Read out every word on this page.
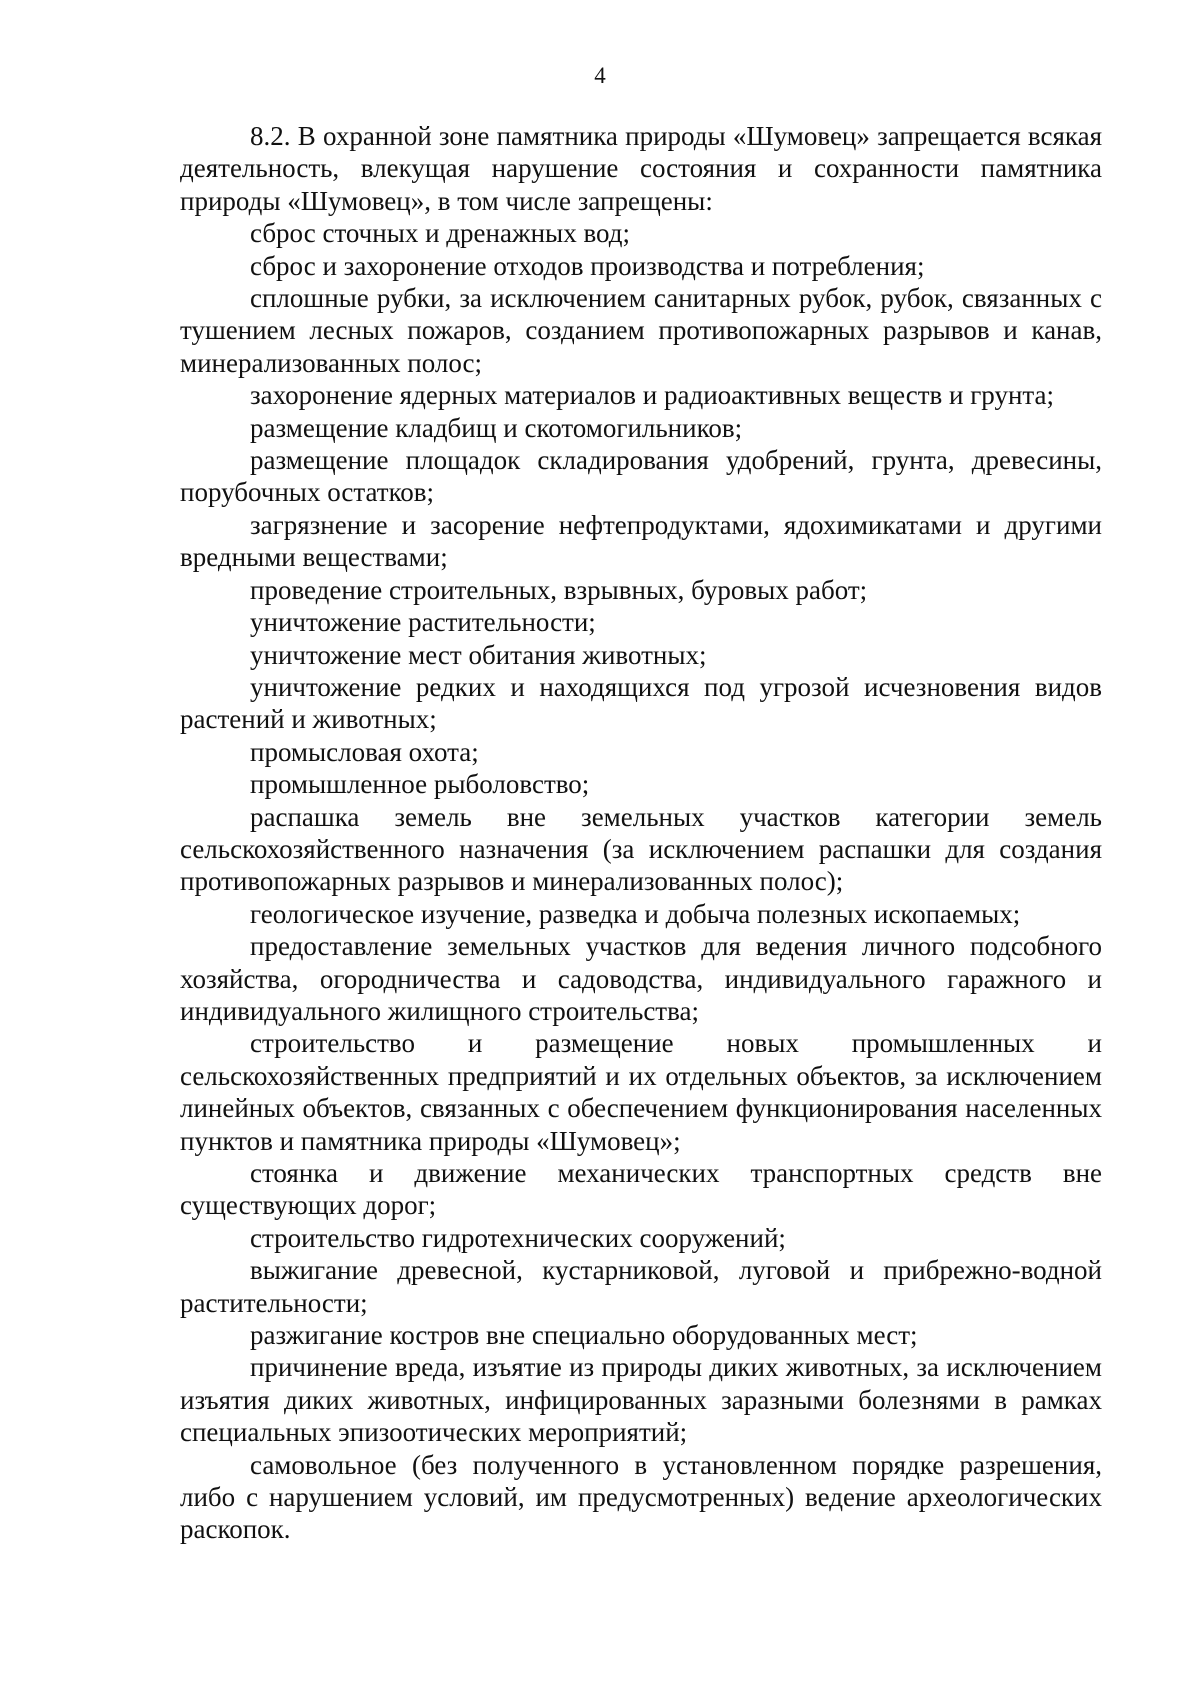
4

8.2. В охранной зоне памятника природы «Шумовец» запрещается всякая деятельность, влекущая нарушение состояния и сохранности памятника природы «Шумовец», в том числе запрещены:

сброс сточных и дренажных вод;

сброс и захоронение отходов производства и потребления;

сплошные рубки, за исключением санитарных рубок, рубок, связанных с тушением лесных пожаров, созданием противопожарных разрывов и канав, минерализованных полос;

захоронение ядерных материалов и радиоактивных веществ и грунта;

размещение кладбищ и скотомогильников;

размещение площадок складирования удобрений, грунта, древесины, порубочных остатков;

загрязнение и засорение нефтепродуктами, ядохимикатами и другими вредными веществами;

проведение строительных, взрывных, буровых работ;

уничтожение растительности;

уничтожение мест обитания животных;

уничтожение редких и находящихся под угрозой исчезновения видов растений и животных;

промысловая охота;

промышленное рыболовство;

распашка земель вне земельных участков категории земель сельскохозяйственного назначения (за исключением распашки для создания противопожарных разрывов и минерализованных полос);

геологическое изучение, разведка и добыча полезных ископаемых;

предоставление земельных участков для ведения личного подсобного хозяйства, огородничества и садоводства, индивидуального гаражного и индивидуального жилищного строительства;

строительство и размещение новых промышленных и сельскохозяйственных предприятий и их отдельных объектов, за исключением линейных объектов, связанных с обеспечением функционирования населенных пунктов и памятника природы «Шумовец»;

стоянка и движение механических транспортных средств вне существующих дорог;

строительство гидротехнических сооружений;

выжигание древесной, кустарниковой, луговой и прибрежно-водной растительности;

разжигание костров вне специально оборудованных мест;

причинение вреда, изъятие из природы диких животных, за исключением изъятия диких животных, инфицированных заразными болезнями в рамках специальных эпизоотических мероприятий;

самовольное (без полученного в установленном порядке разрешения, либо с нарушением условий, им предусмотренных) ведение археологических раскопок.
